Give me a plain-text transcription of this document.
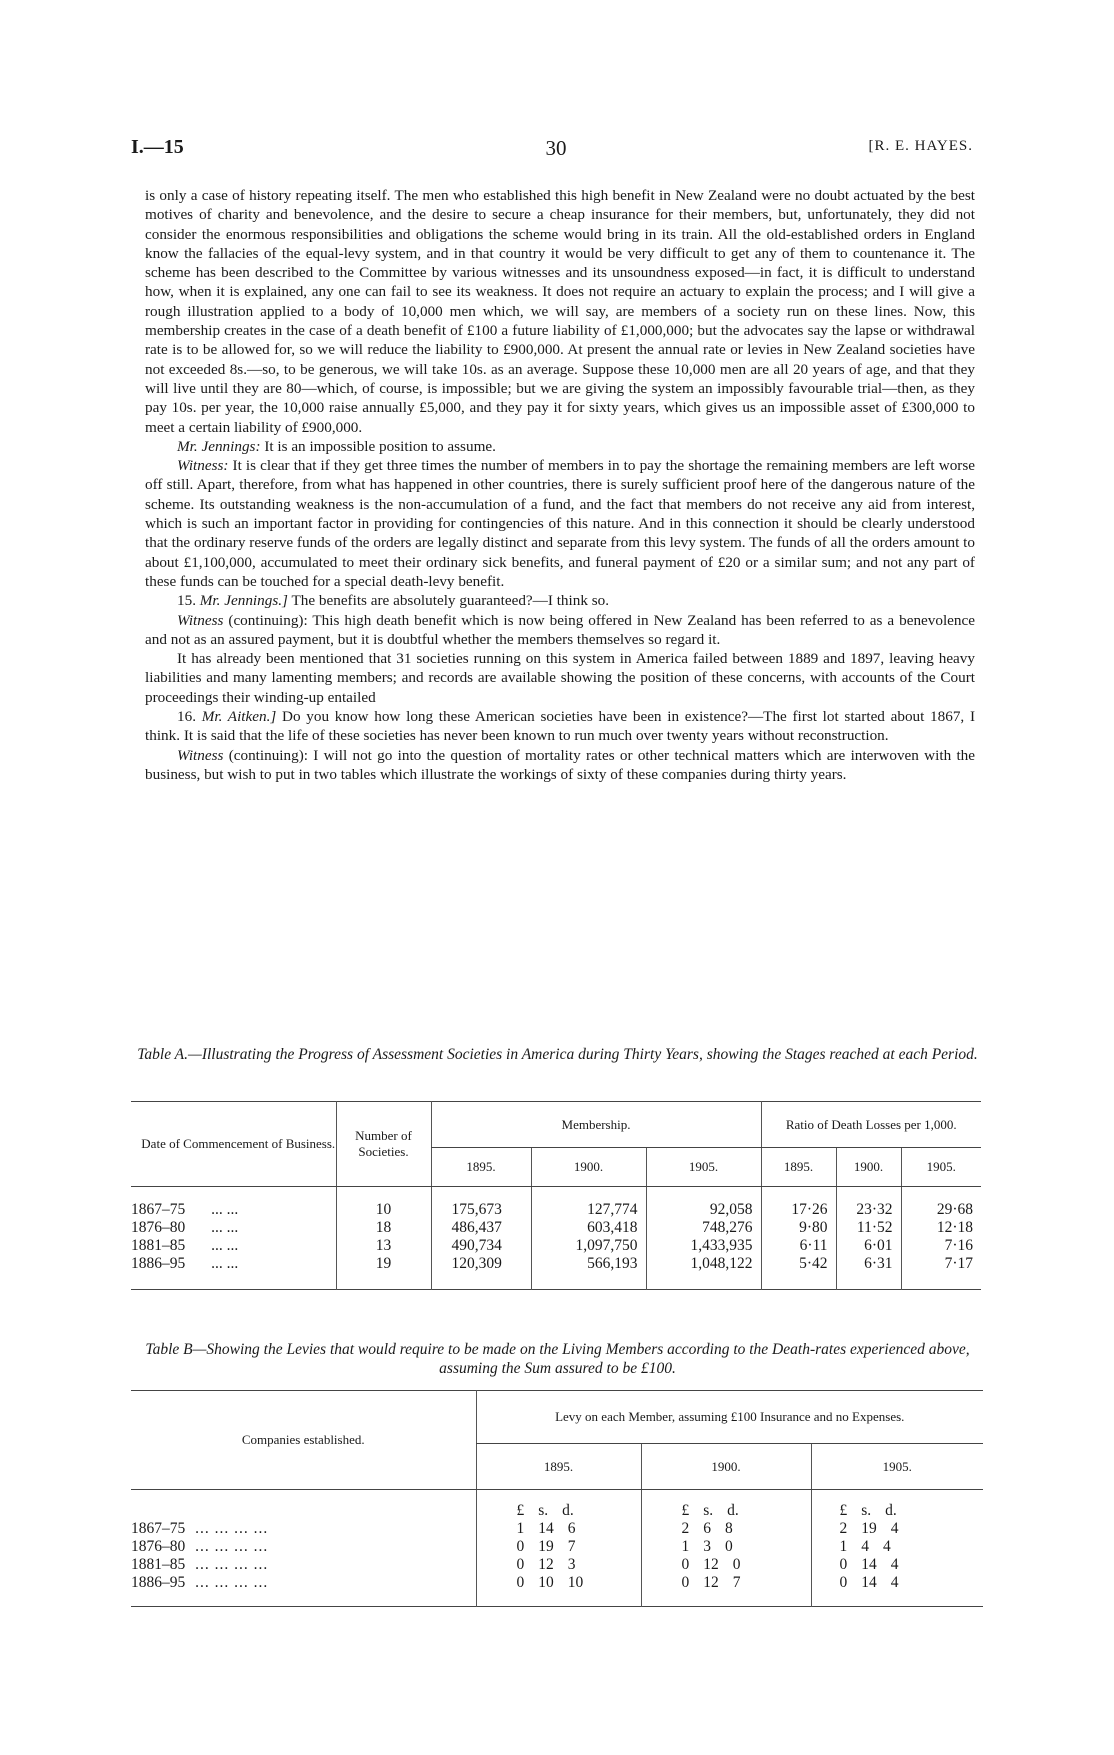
I.—15	30	[R. E. HAYES.

is only a case of history repeating itself. The men who established this high benefit in New Zealand were no doubt actuated by the best motives of charity and benevolence, and the desire to secure a cheap insurance for their members, but, unfortunately, they did not consider the enormous responsibilities and obligations the scheme would bring in its train. All the old-established orders in England know the fallacies of the equal-levy system, and in that country it would be very difficult to get any of them to countenance it. The scheme has been described to the Committee by various witnesses and its unsoundness exposed—in fact, it is difficult to understand how, when it is explained, any one can fail to see its weakness. It does not require an actuary to explain the process; and I will give a rough illustration applied to a body of 10,000 men which, we will say, are members of a society run on these lines. Now, this membership creates in the case of a death benefit of £100 a future liability of £1,000,000; but the advocates say the lapse or withdrawal rate is to be allowed for, so we will reduce the liability to £900,000. At present the annual rate or levies in New Zealand societies have not exceeded 8s.—so, to be generous, we will take 10s. as an average. Suppose these 10,000 men are all 20 years of age, and that they will live until they are 80—which, of course, is impossible; but we are giving the system an impossibly favourable trial—then, as they pay 10s. per year, the 10,000 raise annually £5,000, and they pay it for sixty years, which gives us an impossible asset of £300,000 to meet a certain liability of £900,000.

Mr. Jennings: It is an impossible position to assume.

Witness: It is clear that if they get three times the number of members in to pay the shortage the remaining members are left worse off still. Apart, therefore, from what has happened in other countries, there is surely sufficient proof here of the dangerous nature of the scheme. Its outstanding weakness is the non-accumulation of a fund, and the fact that members do not receive any aid from interest, which is such an important factor in providing for contingencies of this nature. And in this connection it should be clearly understood that the ordinary reserve funds of the orders are legally distinct and separate from this levy system. The funds of all the orders amount to about £1,100,000, accumulated to meet their ordinary sick benefits, and funeral payment of £20 or a similar sum; and not any part of these funds can be touched for a special death-levy benefit.

15. Mr. Jennings.] The benefits are absolutely guaranteed?—I think so.

Witness (continuing): This high death benefit which is now being offered in New Zealand has been referred to as a benevolence and not as an assured payment, but it is doubtful whether the members themselves so regard it.

It has already been mentioned that 31 societies running on this system in America failed between 1889 and 1897, leaving heavy liabilities and many lamenting members; and records are available showing the position of these concerns, with accounts of the Court proceedings their winding-up entailed

16. Mr. Aitken.] Do you know how long these American societies have been in existence?—The first lot started about 1867, I think. It is said that the life of these societies has never been known to run much over twenty years without reconstruction.

Witness (continuing): I will not go into the question of mortality rates or other technical matters which are interwoven with the business, but wish to put in two tables which illustrate the workings of sixty of these companies during thirty years.

Table A.—Illustrating the Progress of Assessment Societies in America during Thirty Years, showing the Stages reached at each Period.
Date of Commencement of Business.	Number of Societies.	Membership.			Ratio of Death Losses per 1,000.		
		1895.	1900.	1905.	1895.	1900.	1905.

1867–75 ... ...	10	175,673	127,774	92,058	17·26	23·32	29·68
1876–80 ... ...	18	486,437	603,418	748,276	9·80	11·52	12·18
1881–85 ... ...	13	490,734	1,097,750	1,433,935	6·11	6·01	7·16
1886–95 ... ...	19	120,309	566,193	1,048,122	5·42	6·31	7·17

Table B—Showing the Levies that would require to be made on the Living Members according to the Death-rates experienced above, assuming the Sum assured to be £100.
Companies established.	Levy on each Member, assuming £100 Insurance and no Expenses.		
	1895.	1900.	1905.
	£ s. d.	£ s. d.	£ s. d.
1867–75 ... ... ... ...	1 14 6	2 6 8	2 19 4
1876–80 ... ... ... ...	0 19 7	1 3 0	1 4 4
1881–85 ... ... ... ...	0 12 3	0 12 0	0 14 4
1886–95 ... ... ... ...	0 10 10	0 12 7	0 14 4
